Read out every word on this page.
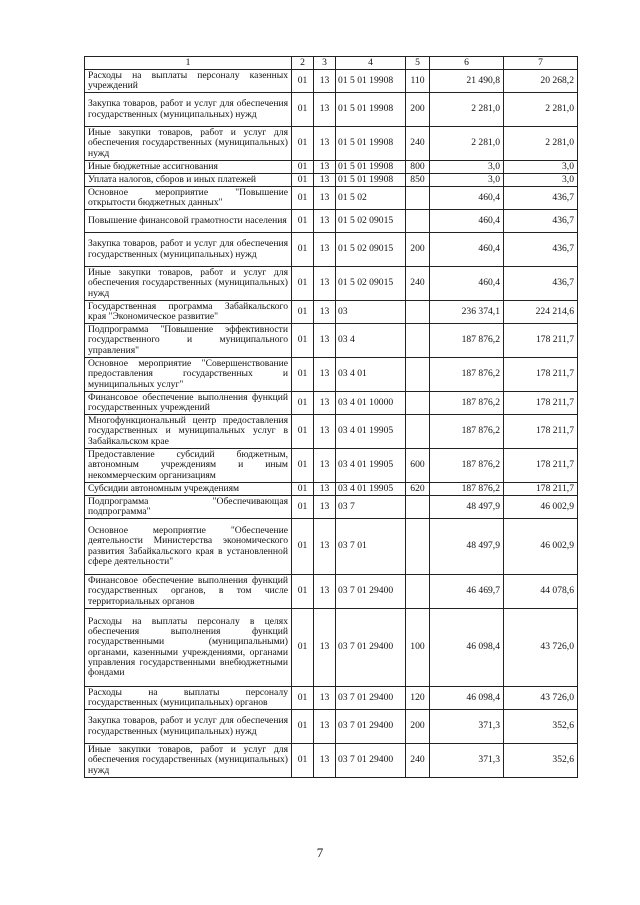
1	2	3	4	5	6	7
Расходы на выплаты персоналу казенных учреждений	01	13	01 5 01 19908	110	21 490,8	20 268,2
Закупка товаров, работ и услуг для обеспечения государственных (муниципальных) нужд	01	13	01 5 01 19908	200	2 281,0	2 281,0
Иные закупки товаров, работ и услуг для обеспечения государственных (муниципальных) нужд	01	13	01 5 01 19908	240	2 281,0	2 281,0
Иные бюджетные ассигнования	01	13	01 5 01 19908	800	3,0	3,0
Уплата налогов, сборов и иных платежей	01	13	01 5 01 19908	850	3,0	3,0
Основное мероприятие "Повышение открытости бюджетных данных"	01	13	01 5 02		460,4	436,7
Повышение финансовой грамотности населения	01	13	01 5 02 09015		460,4	436,7
Закупка товаров, работ и услуг для обеспечения государственных (муниципальных) нужд	01	13	01 5 02 09015	200	460,4	436,7
Иные закупки товаров, работ и услуг для обеспечения государственных (муниципальных) нужд	01	13	01 5 02 09015	240	460,4	436,7
Государственная программа Забайкальского края "Экономическое развитие"	01	13	03		236 374,1	224 214,6
Подпрограмма "Повышение эффективности государственного и муниципального управления"	01	13	03 4		187 876,2	178 211,7
Основное мероприятие "Совершенствование предоставления государственных и муниципальных услуг"	01	13	03 4 01		187 876,2	178 211,7
Финансовое обеспечение выполнения функций государственных учреждений	01	13	03 4 01 10000		187 876,2	178 211,7
Многофункциональный центр предоставления государственных и муниципальных услуг в Забайкальском крае	01	13	03 4 01 19905		187 876,2	178 211,7
Предоставление субсидий бюджетным, автономным учреждениям и иным некоммерческим организациям	01	13	03 4 01 19905	600	187 876,2	178 211,7
Субсидии автономным учреждениям	01	13	03 4 01 19905	620	187 876,2	178 211,7
Подпрограмма "Обеспечивающая подпрограмма"	01	13	03 7		48 497,9	46 002,9
Основное мероприятие "Обеспечение деятельности Министерства экономического развития Забайкальского края в установленной сфере деятельности"	01	13	03 7 01		48 497,9	46 002,9
Финансовое обеспечение выполнения функций государственных органов, в том числе территориальных органов	01	13	03 7 01 29400		46 469,7	44 078,6
Расходы на выплаты персоналу в целях обеспечения выполнения функций государственными (муниципальными) органами, казенными учреждениями, органами управления государственными внебюджетными фондами	01	13	03 7 01 29400	100	46 098,4	43 726,0
Расходы на выплаты персоналу государственных (муниципальных) органов	01	13	03 7 01 29400	120	46 098,4	43 726,0
Закупка товаров, работ и услуг для обеспечения государственных (муниципальных) нужд	01	13	03 7 01 29400	200	371,3	352,6
Иные закупки товаров, работ и услуг для обеспечения государственных (муниципальных) нужд	01	13	03 7 01 29400	240	371,3	352,6
7
